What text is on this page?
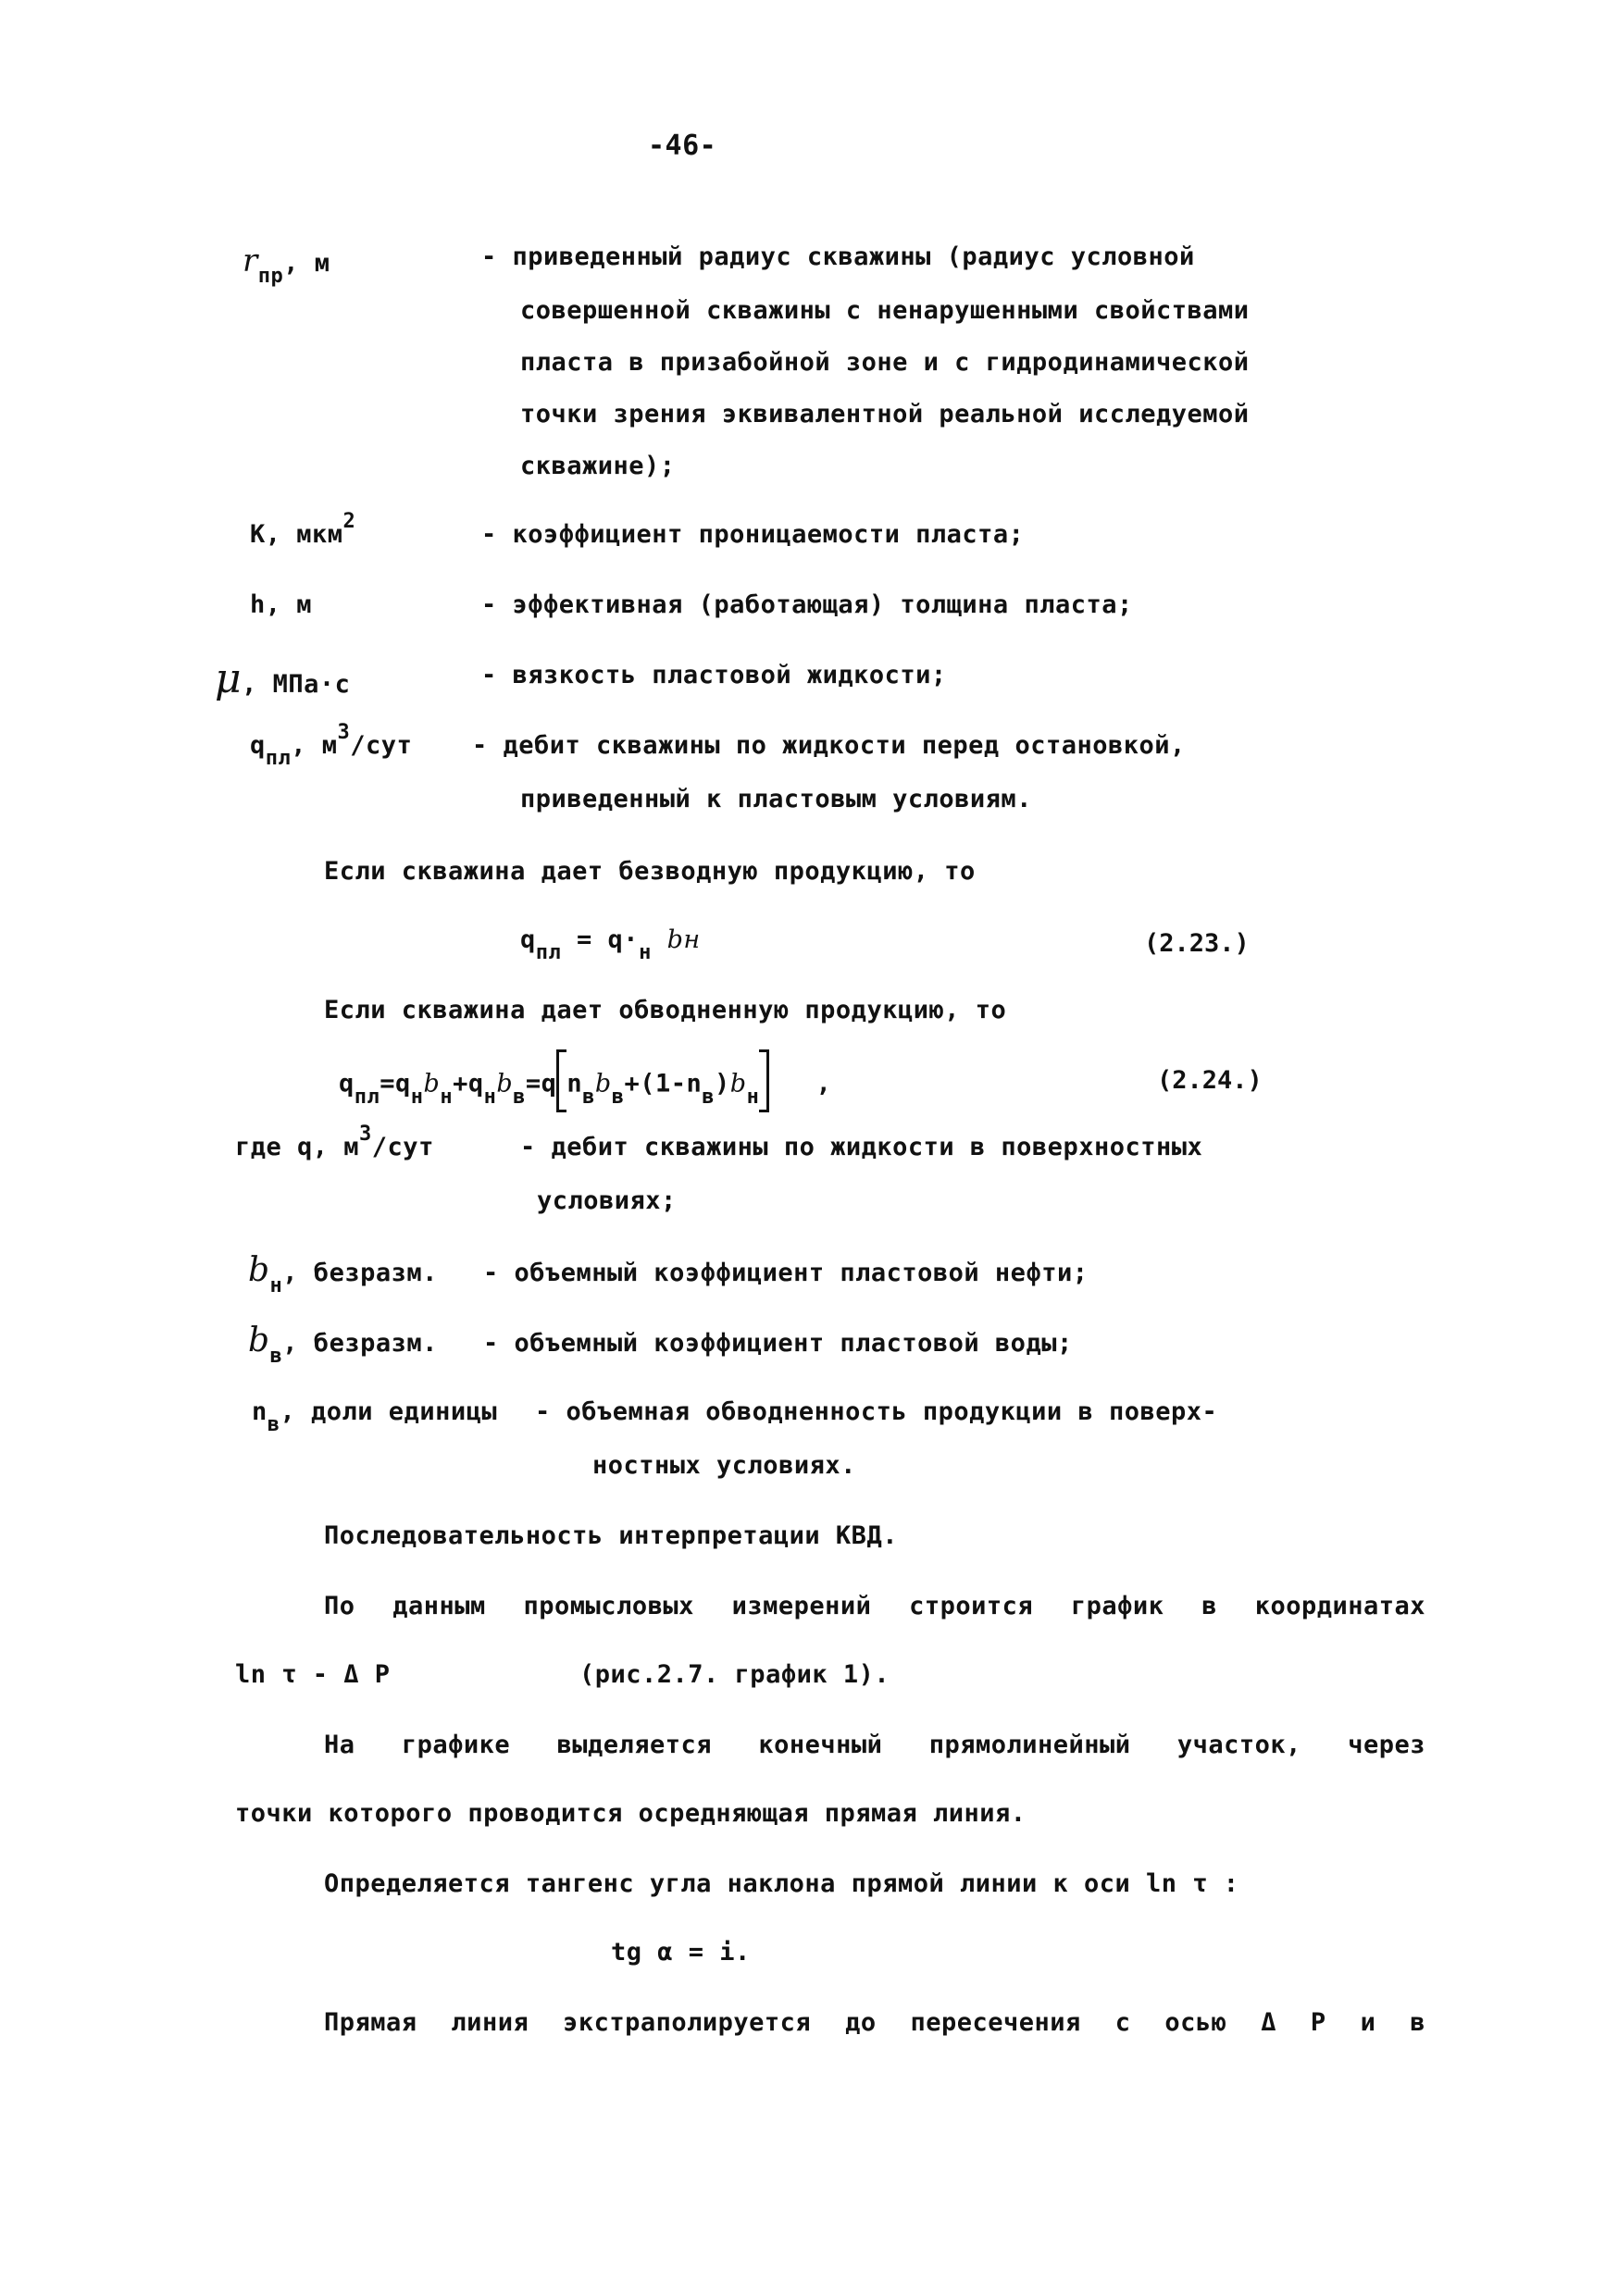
-46-
$r_{пр}$, м	- приведенный радиус скважины (радиус условной
совершенной скважины с ненарушенными свойствами
пласта в призабойной зоне и с гидродинамической
точки зрения эквивалентной реальной исследуемой
скважине);
К, мкм$^2$	- коэффициент проницаемости пласта;
h, м	- эффективная (работающая) толщина пласта;
μ, МПа·с	- вязкость пластовой жидкости;
$q_{пл}$, $м^3$/сут - дебит скважины по жидкости перед остановкой,
приведенный к пластовым условиям.
Если скважина дает безводную продукцию, то
$q_{пл} = q\cdot_н$ bн	(2.23.)
Если скважина дает обводненную продукцию, то
$q_{пл}=q_нb_н+q_нb_в=q$ $n_вb_в+(1-n_в)b_н$   ,	(2.24.)
где q, $м^3$/сут	- дебит скважины по жидкости в поверхностных
условиях;
$b_н$, безразм. - объемный коэффициент пластовой нефти;
$b_в$, безразм. - объемный коэффициент пластовой воды;
$n_в$, доли единицы - объемная обводненность продукции в поверх-
ностных условиях.
Последовательность интерпретации КВД.
По данным промысловых измерений строится график в координатах
ln τ - Δ P	(рис.2.7. график 1).
На графике выделяется конечный прямолинейный участок, через
точки которого проводится осредняющая прямая линия.
Определяется тангенс угла наклона прямой линии к оси ln τ :
tg α = i.
Прямая линия экстраполируется до пересечения с осью Δ P и в
